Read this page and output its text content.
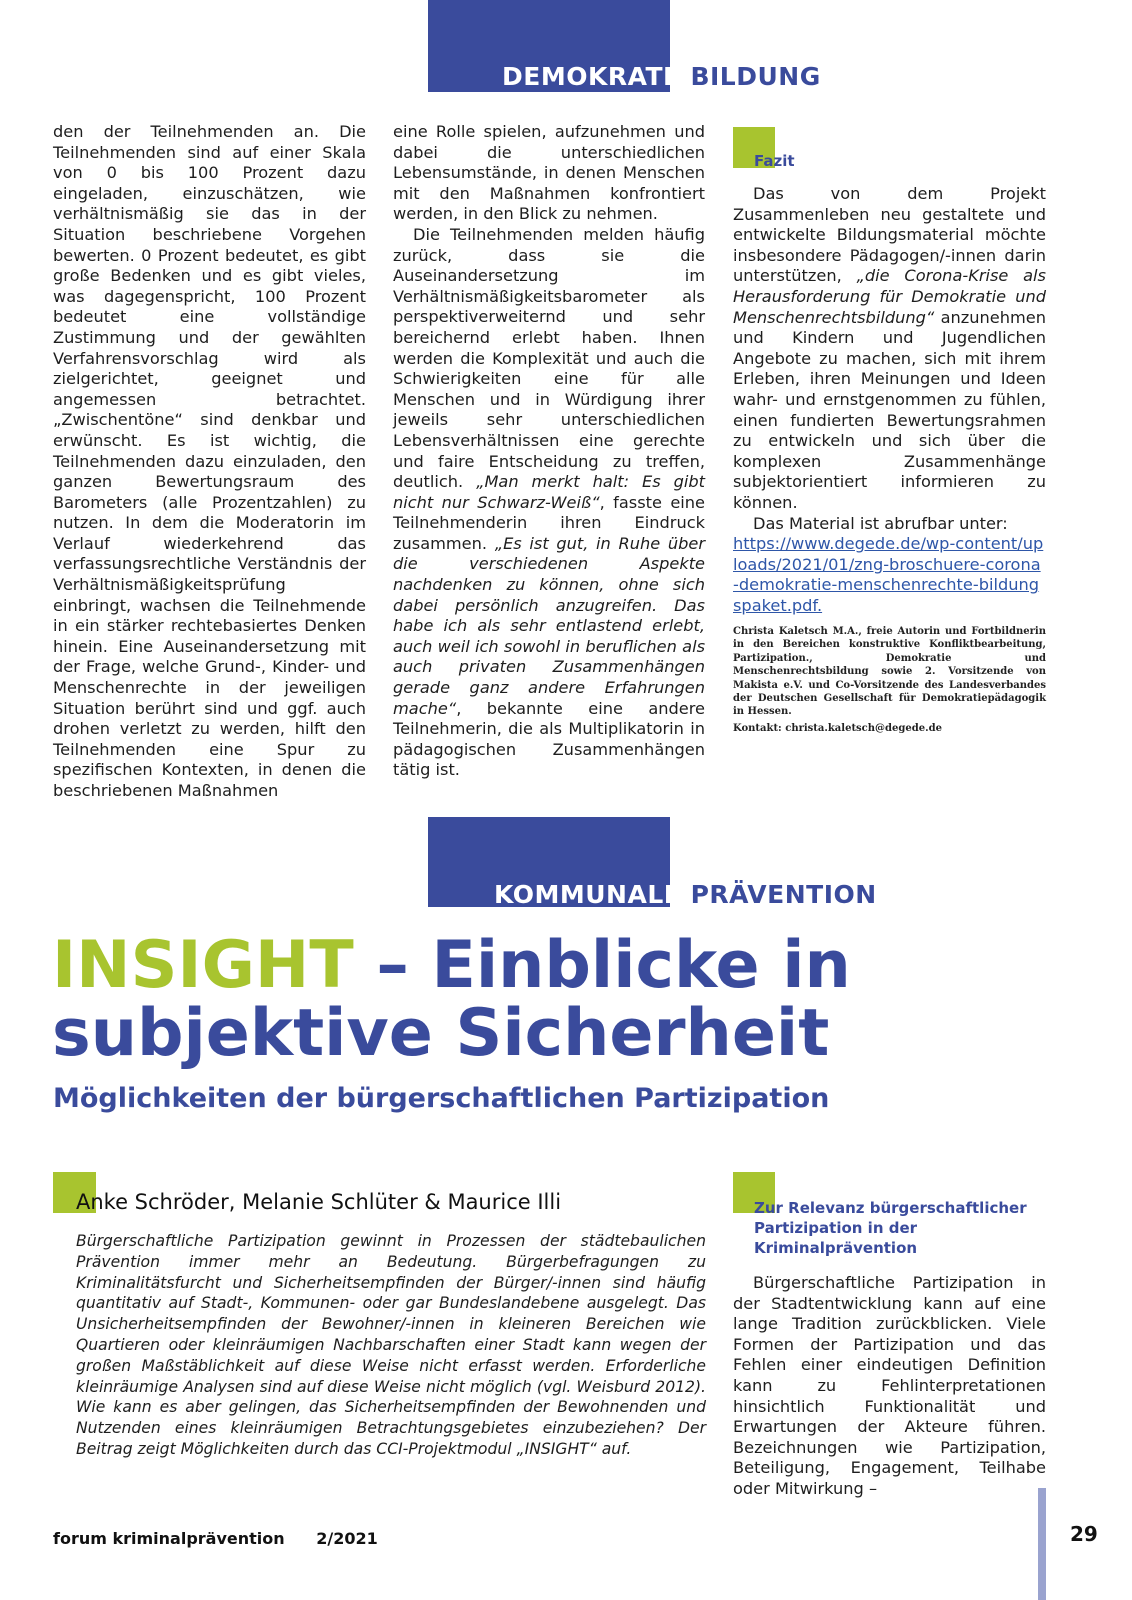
DEMOKRATIEBILDUNG

den der Teilnehmenden an. Die Teilnehmenden sind auf einer Skala von 0 bis 100 Prozent dazu eingeladen, einzuschätzen, wie verhältnismäßig sie das in der Situation beschriebene Vorgehen bewerten. 0 Prozent bedeutet, es gibt große Bedenken und es gibt vieles, was dagegenspricht, 100 Prozent bedeutet eine vollständige Zustimmung und der gewählten Verfahrensvorschlag wird als zielgerichtet, geeignet und angemessen betrachtet. „Zwischentöne“ sind denkbar und erwünscht. Es ist wichtig, die Teilnehmenden dazu einzuladen, den ganzen Bewertungsraum des Barometers (alle Prozentzahlen) zu nutzen. In dem die Moderatorin im Verlauf wiederkehrend das verfassungsrechtliche Verständnis der Verhältnismäßigkeitsprüfung einbringt, wachsen die Teilnehmende in ein stärker rechtebasiertes Denken hinein. Eine Auseinandersetzung mit der Frage, welche Grund-, Kinder- und Menschenrechte in der jeweiligen Situation berührt sind und ggf. auch drohen verletzt zu werden, hilft den Teilnehmenden eine Spur zu spezifischen Kontexten, in denen die beschriebenen Maßnahmen

eine Rolle spielen, aufzunehmen und dabei die unterschiedlichen Lebensumstände, in denen Menschen mit den Maßnahmen konfrontiert werden, in den Blick zu nehmen.

Die Teilnehmenden melden häufig zurück, dass sie die Auseinandersetzung im Verhältnismäßigkeitsbarometer als perspektiverweiternd und sehr bereichernd erlebt haben. Ihnen werden die Komplexität und auch die Schwierigkeiten eine für alle Menschen und in Würdigung ihrer jeweils sehr unterschiedlichen Lebensverhältnissen eine gerechte und faire Entscheidung zu treffen, deutlich. „Man merkt halt: Es gibt nicht nur Schwarz-Weiß“, fasste eine Teilnehmenderin ihren Eindruck zusammen. „Es ist gut, in Ruhe über die verschiedenen Aspekte nachdenken zu können, ohne sich dabei persönlich anzugreifen. Das habe ich als sehr entlastend erlebt, auch weil ich sowohl in beruflichen als auch privaten Zusammenhängen gerade ganz andere Erfahrungen mache“, bekannte eine andere Teilnehmerin, die als Multiplikatorin in pädagogischen Zusammenhängen tätig ist.

Fazit

Das von dem Projekt Zusammenleben neu gestaltete und entwickelte Bildungsmaterial möchte insbesondere Pädagogen/-innen darin unterstützen, „die Corona-Krise als Herausforderung für Demokratie und Menschenrechtsbildung“ anzunehmen und Kindern und Jugendlichen Angebote zu machen, sich mit ihrem Erleben, ihren Meinungen und Ideen wahr- und ernstgenommen zu fühlen, einen fundierten Bewertungsrahmen zu entwickeln und sich über die komplexen Zusammenhänge subjektorientiert informieren zu können.

Das Material ist abrufbar unter:

https://www.degede.de/wp-content/uploads/2021/01/zng-broschuere-corona-demokratie-menschenrechte-bildungspaket.pdf.

Christa Kaletsch M.A., freie Autorin und Fortbildnerin in den Bereichen konstruktive Konfliktbearbeitung, Partizipation., Demokratie und Menschenrechtsbildung sowie 2. Vorsitzende von Makista e.V. und Co-Vorsitzende des Landesverbandes der Deutschen Gesellschaft für Demokratiepädagogik in Hessen.

Kontakt: christa.kaletsch@degede.de

KOMMUNALE PRÄVENTION
INSIGHT – Einblicke in
subjektive Sicherheit
Möglichkeiten der bürgerschaftlichen Partizipation
Anke Schröder, Melanie Schlüter & Maurice Illi
Bürgerschaftliche Partizipation gewinnt in Prozessen der städtebaulichen Prävention immer mehr an Bedeutung. Bürgerbefragungen zu Kriminalitätsfurcht und Sicherheitsempfinden der Bürger/-innen sind häufig quantitativ auf Stadt-, Kommunen- oder gar Bundeslandebene ausgelegt. Das Unsicherheitsempfinden der Bewohner/-innen in kleineren Bereichen wie Quartieren oder kleinräumigen Nachbarschaften einer Stadt kann wegen der großen Maßstäblichkeit auf diese Weise nicht erfasst werden. Erforderliche kleinräumige Analysen sind auf diese Weise nicht möglich (vgl. Weisburd 2012). Wie kann es aber gelingen, das Sicherheitsempfinden der Bewohnenden und Nutzenden eines kleinräumigen Betrachtungsgebietes einzubeziehen? Der Beitrag zeigt Möglichkeiten durch das CCI-Projektmodul „INSIGHT“ auf.
Zur Relevanz bürgerschaftlicher Partizipation in der Kriminalprävention

Bürgerschaftliche Partizipation in der Stadtentwicklung kann auf eine lange Tradition zurückblicken. Viele Formen der Partizipation und das Fehlen einer eindeutigen Definition kann zu Fehlinterpretationen hinsichtlich Funktionalität und Erwartungen der Akteure führen. Bezeichnungen wie Partizipation, Beteiligung, Engagement, Teilhabe oder Mitwirkung –

forum kriminalprävention 2/2021	29
